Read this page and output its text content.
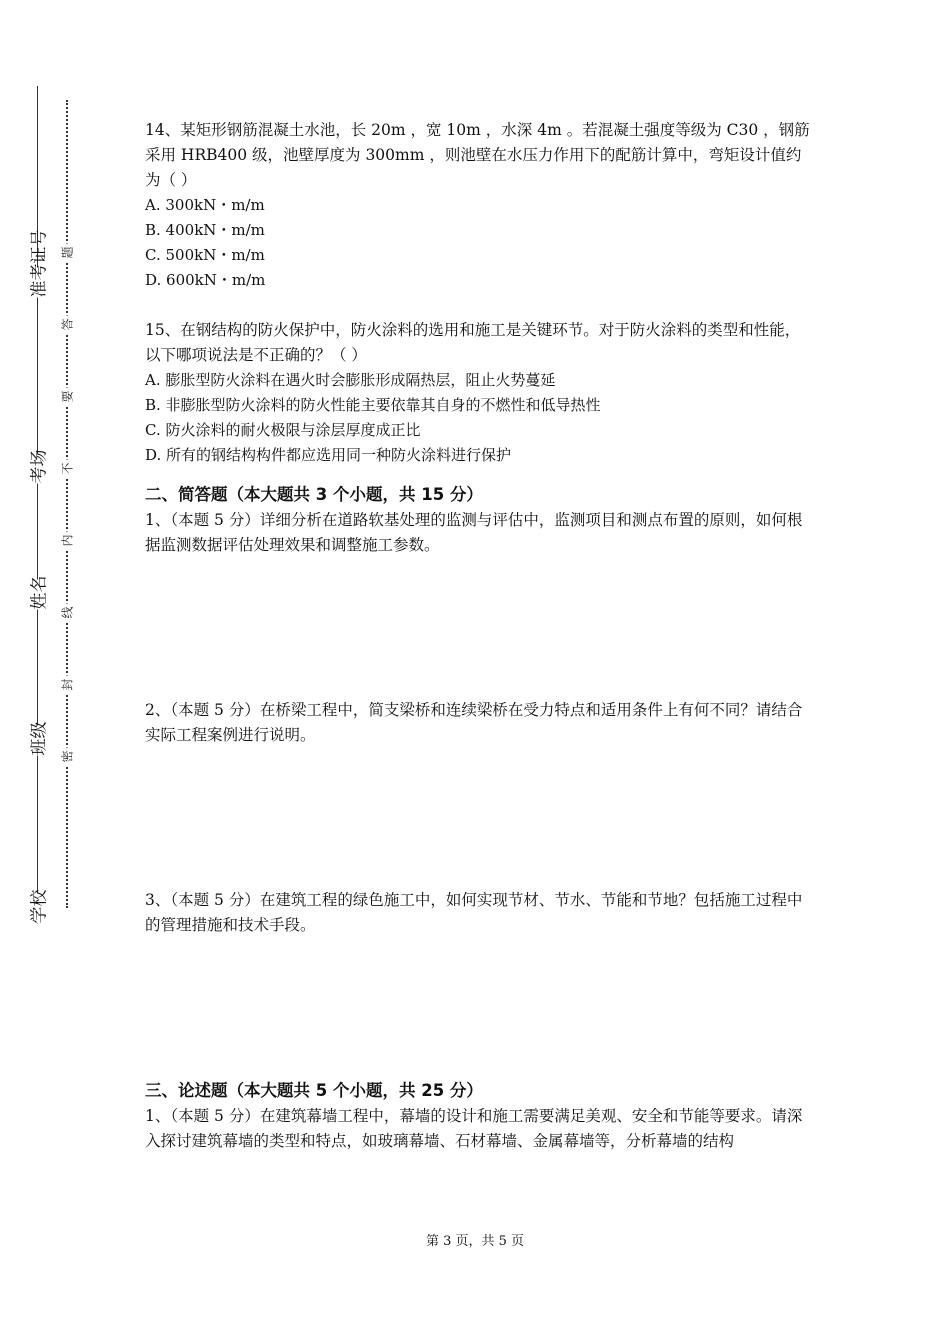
准考证号
考场
姓名
班级
学校
题
答
要
不
内
线
封
密

14、某矩形钢筋混凝土水池，长 20m ，宽 10m ，水深 4m 。若混凝土强度等级为 C30 ，钢筋采用 HRB400 级，池壁厚度为 300mm ，则池壁在水压力作用下的配筋计算中，弯矩设计值约为（ ）

A. 300kN・m/m

B. 400kN・m/m

C. 500kN・m/m

D. 600kN・m/m

15、在钢结构的防火保护中，防火涂料的选用和施工是关键环节。对于防火涂料的类型和性能，以下哪项说法是不正确的？（ ）

A. 膨胀型防火涂料在遇火时会膨胀形成隔热层，阻止火势蔓延

B. 非膨胀型防火涂料的防火性能主要依靠其自身的不燃性和低导热性

C. 防火涂料的耐火极限与涂层厚度成正比

D. 所有的钢结构构件都应选用同一种防火涂料进行保护

二、简答题（本大题共 3 个小题，共 15 分）

1、（本题 5 分）详细分析在道路软基处理的监测与评估中，监测项目和测点布置的原则，如何根据监测数据评估处理效果和调整施工参数。

2、（本题 5 分）在桥梁工程中，简支梁桥和连续梁桥在受力特点和适用条件上有何不同？请结合实际工程案例进行说明。

3、（本题 5 分）在建筑工程的绿色施工中，如何实现节材、节水、节能和节地？包括施工过程中的管理措施和技术手段。

三、论述题（本大题共 5 个小题，共 25 分）

1、（本题 5 分）在建筑幕墙工程中，幕墙的设计和施工需要满足美观、安全和节能等要求。请深入探讨建筑幕墙的类型和特点，如玻璃幕墙、石材幕墙、金属幕墙等，分析幕墙的结构

第 3 页，共 5 页
